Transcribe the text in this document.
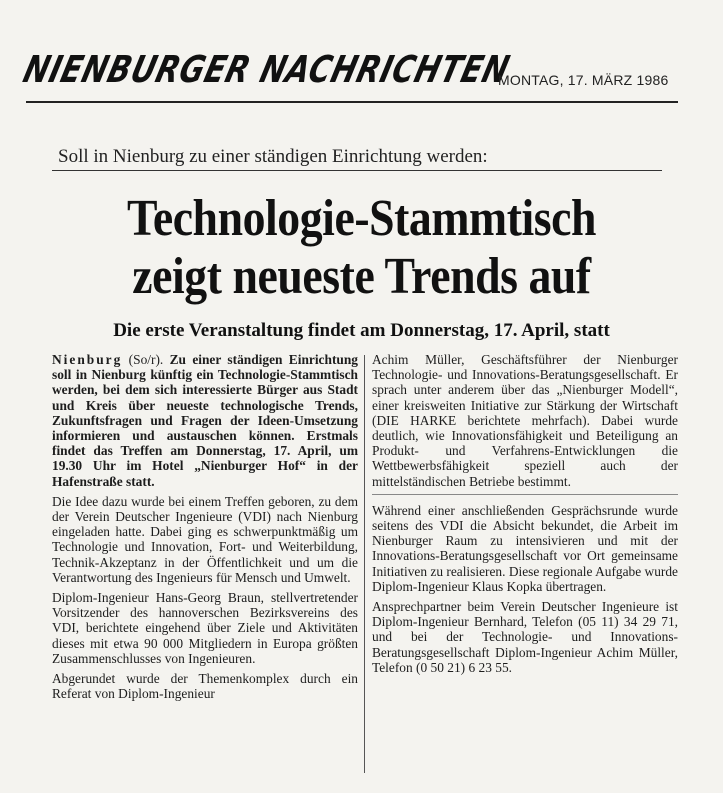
NIENBURGER NACHRICHTEN
MONTAG, 17. MÄRZ 1986
Soll in Nienburg zu einer ständigen Einrichtung werden:
Technologie-Stammtisch
zeigt neueste Trends auf
Die erste Veranstaltung findet am Donnerstag, 17. April, statt

Nienburg (So/r). Zu einer ständigen Einrichtung soll in Nienburg künftig ein Technologie-Stammtisch werden, bei dem sich interessierte Bürger aus Stadt und Kreis über neueste technologische Trends, Zukunftsfragen und Fragen der Ideen-Umsetzung informieren und austauschen können. Erstmals findet das Treffen am Donnerstag, 17. April, um 19.30 Uhr im Hotel „Nienburger Hof“ in der Hafenstraße statt.

Die Idee dazu wurde bei einem Treffen geboren, zu dem der Verein Deutscher Ingenieure (VDI) nach Nienburg eingeladen hatte. Dabei ging es schwerpunktmäßig um Technologie und Innovation, Fort- und Weiterbildung, Technik-Akzeptanz in der Öffentlichkeit und um die Verantwortung des Ingenieurs für Mensch und Umwelt.

Diplom-Ingenieur Hans-Georg Braun, stellvertretender Vorsitzender des hannoverschen Bezirksvereins des VDI, berichtete eingehend über Ziele und Aktivitäten dieses mit etwa 90 000 Mitgliedern in Europa größten Zusammenschlusses von Ingenieuren.

Abgerundet wurde der Themenkomplex durch ein Referat von Diplom-Ingenieur

Achim Müller, Geschäftsführer der Nienburger Technologie- und Innovations-Beratungsgesellschaft. Er sprach unter anderem über das „Nienburger Modell“, einer kreisweiten Initiative zur Stärkung der Wirtschaft (DIE HARKE berichtete mehrfach). Dabei wurde deutlich, wie Innovationsfähigkeit und Beteiligung an Produkt- und Verfahrens-Entwicklungen die Wettbewerbsfähigkeit speziell auch der mittelständischen Betriebe bestimmt.

Während einer anschließenden Gesprächsrunde wurde seitens des VDI die Absicht bekundet, die Arbeit im Nienburger Raum zu intensivieren und mit der Innovations-Beratungsgesellschaft vor Ort gemeinsame Initiativen zu realisieren. Diese regionale Aufgabe wurde Diplom-Ingenieur Klaus Kopka übertragen.

Ansprechpartner beim Verein Deutscher Ingenieure ist Diplom-Ingenieur Bernhard, Telefon (05 11) 34 29 71, und bei der Technologie- und Innovations-Beratungsgesellschaft Diplom-Ingenieur Achim Müller, Telefon (0 50 21) 6 23 55.
